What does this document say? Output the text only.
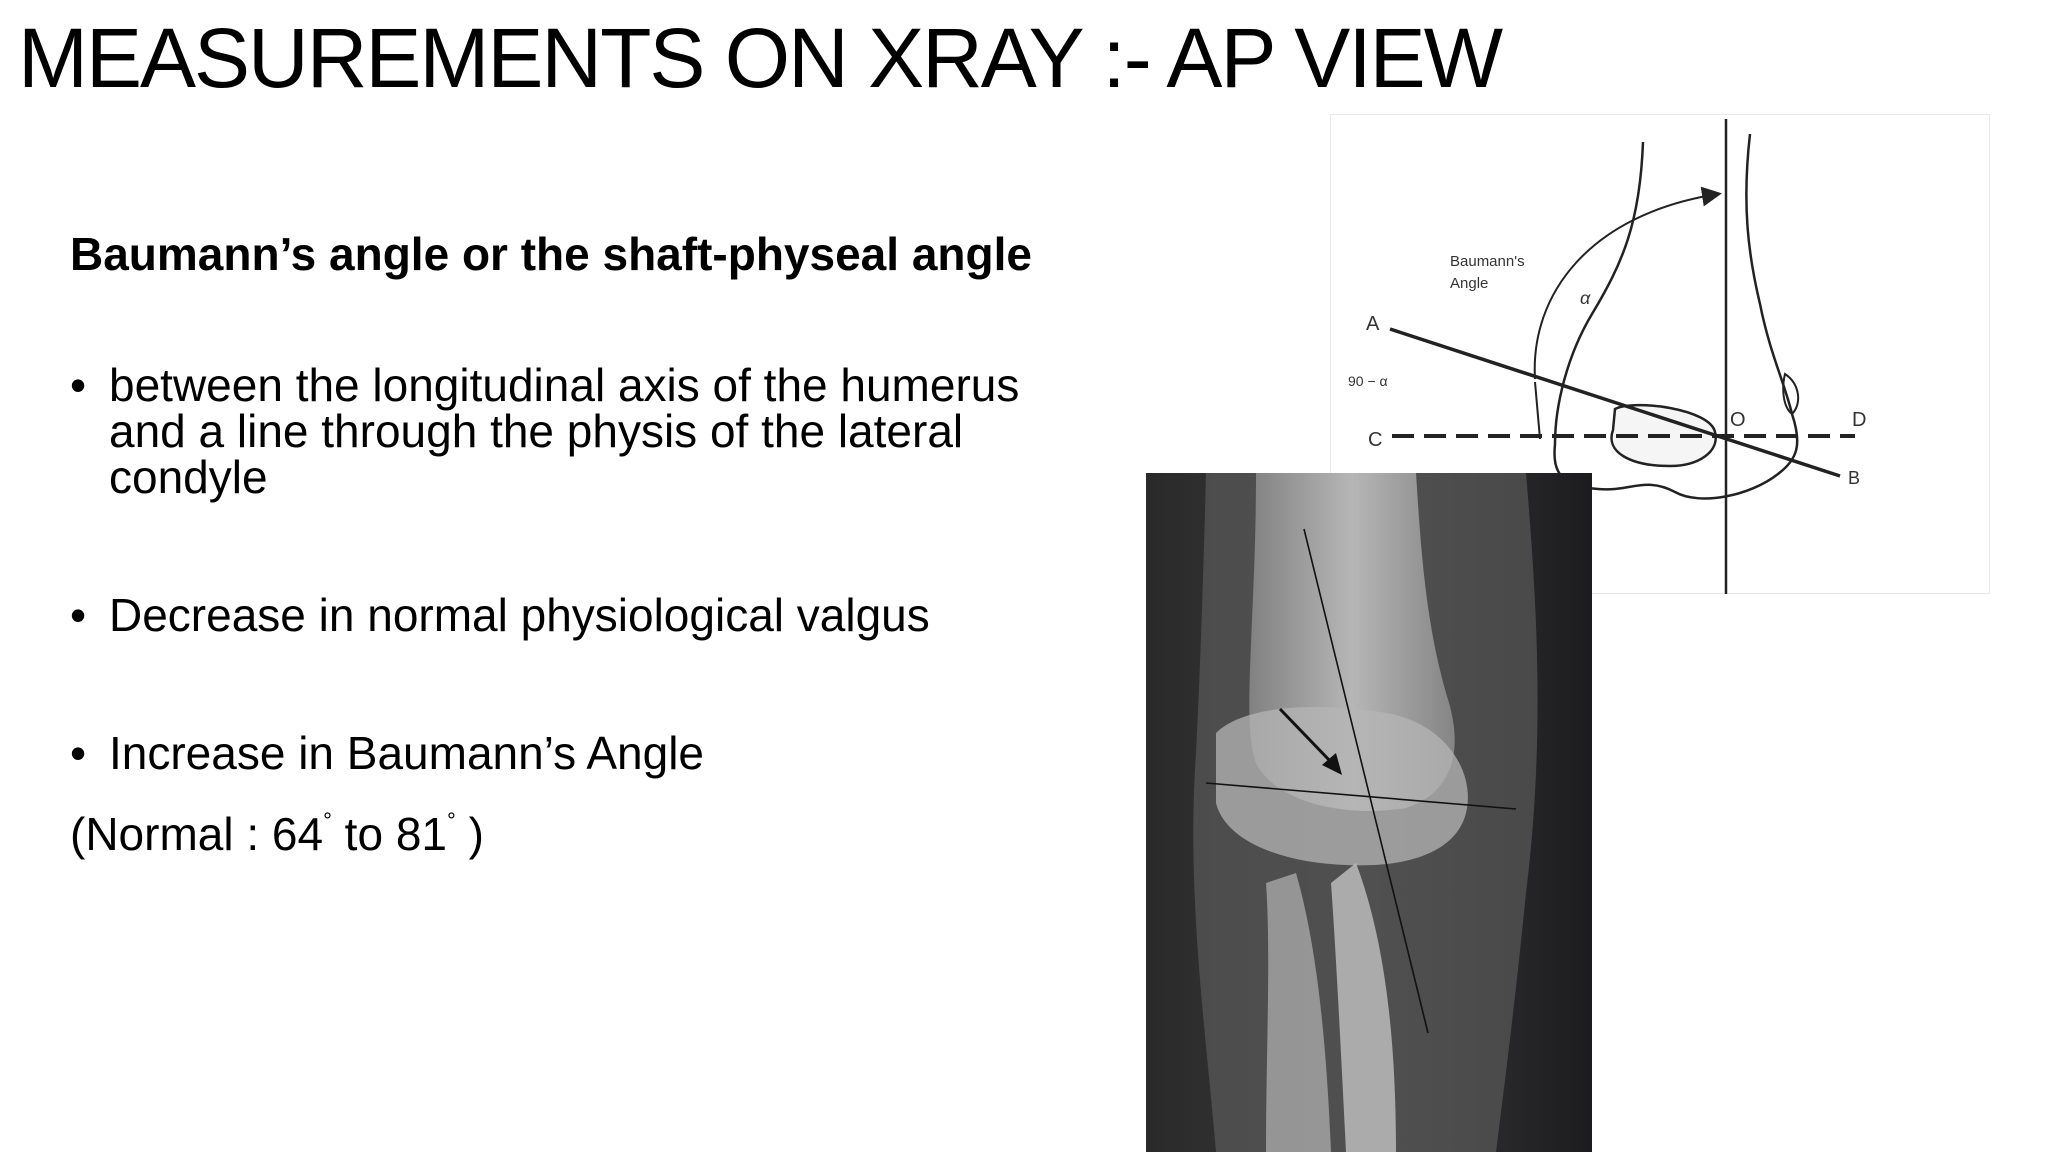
MEASUREMENTS ON XRAY :- AP VIEW

Baumann’s angle or the shaft-physeal angle

• between the longitudinal axis of the humerus and a line through the physis of the lateral condyle
• Decrease in normal physiological valgus
• Increase in Baumann’s Angle
(Normal : 64° to 81° )
Baumann's
Angle
α
90 − α
A
B
C
D
O
